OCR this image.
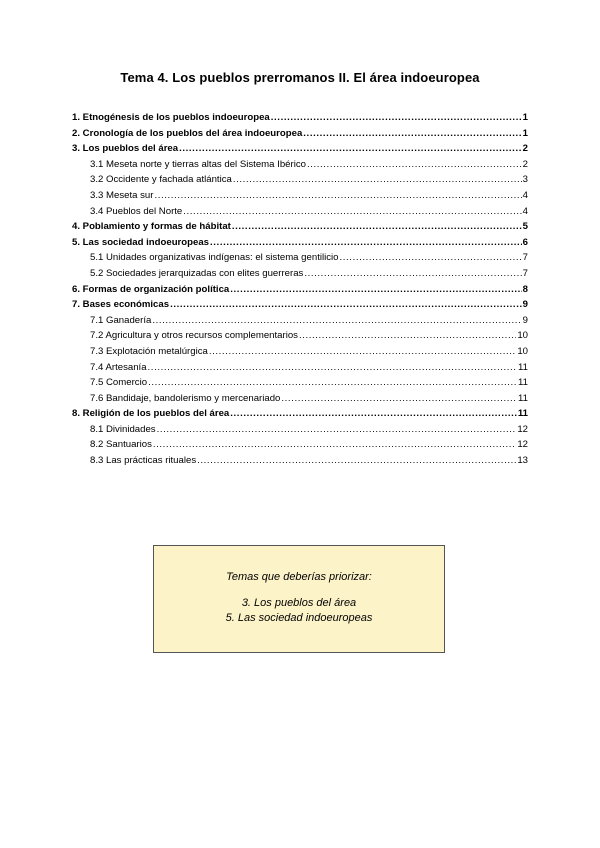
Tema 4. Los pueblos prerromanos II. El área indoeuropea
1. Etnogénesis de los pueblos indoeuropea .....	1
2. Cronología de los pueblos del área indoeuropea .....	1
3. Los pueblos del área .....	2
3.1 Meseta norte y tierras altas del Sistema Ibérico .....	2
3.2 Occidente y fachada atlántica .....	3
3.3 Meseta sur .....	4
3.4 Pueblos del Norte .....	4
4. Poblamiento y formas de hábitat .....	5
5. Las sociedad indoeuropeas .....	6
5.1 Unidades organizativas indígenas: el sistema gentilicio .....	7
5.2 Sociedades jerarquizadas con elites guerreras .....	7
6. Formas de organización política .....	8
7. Bases económicas .....	9
7.1 Ganadería .....	9
7.2 Agricultura y otros recursos complementarios .....	10
7.3 Explotación metalúrgica .....	10
7.4 Artesanía .....	11
7.5 Comercio .....	11
7.6 Bandidaje, bandolerismo y mercenariado .....	11
8. Religión de los pueblos del área .....	11
8.1 Divinidades .....	12
8.2 Santuarios .....	12
8.3 Las prácticas rituales .....	13
Temas que deberías priorizar:
3. Los pueblos del área
5. Las sociedad indoeuropeas
